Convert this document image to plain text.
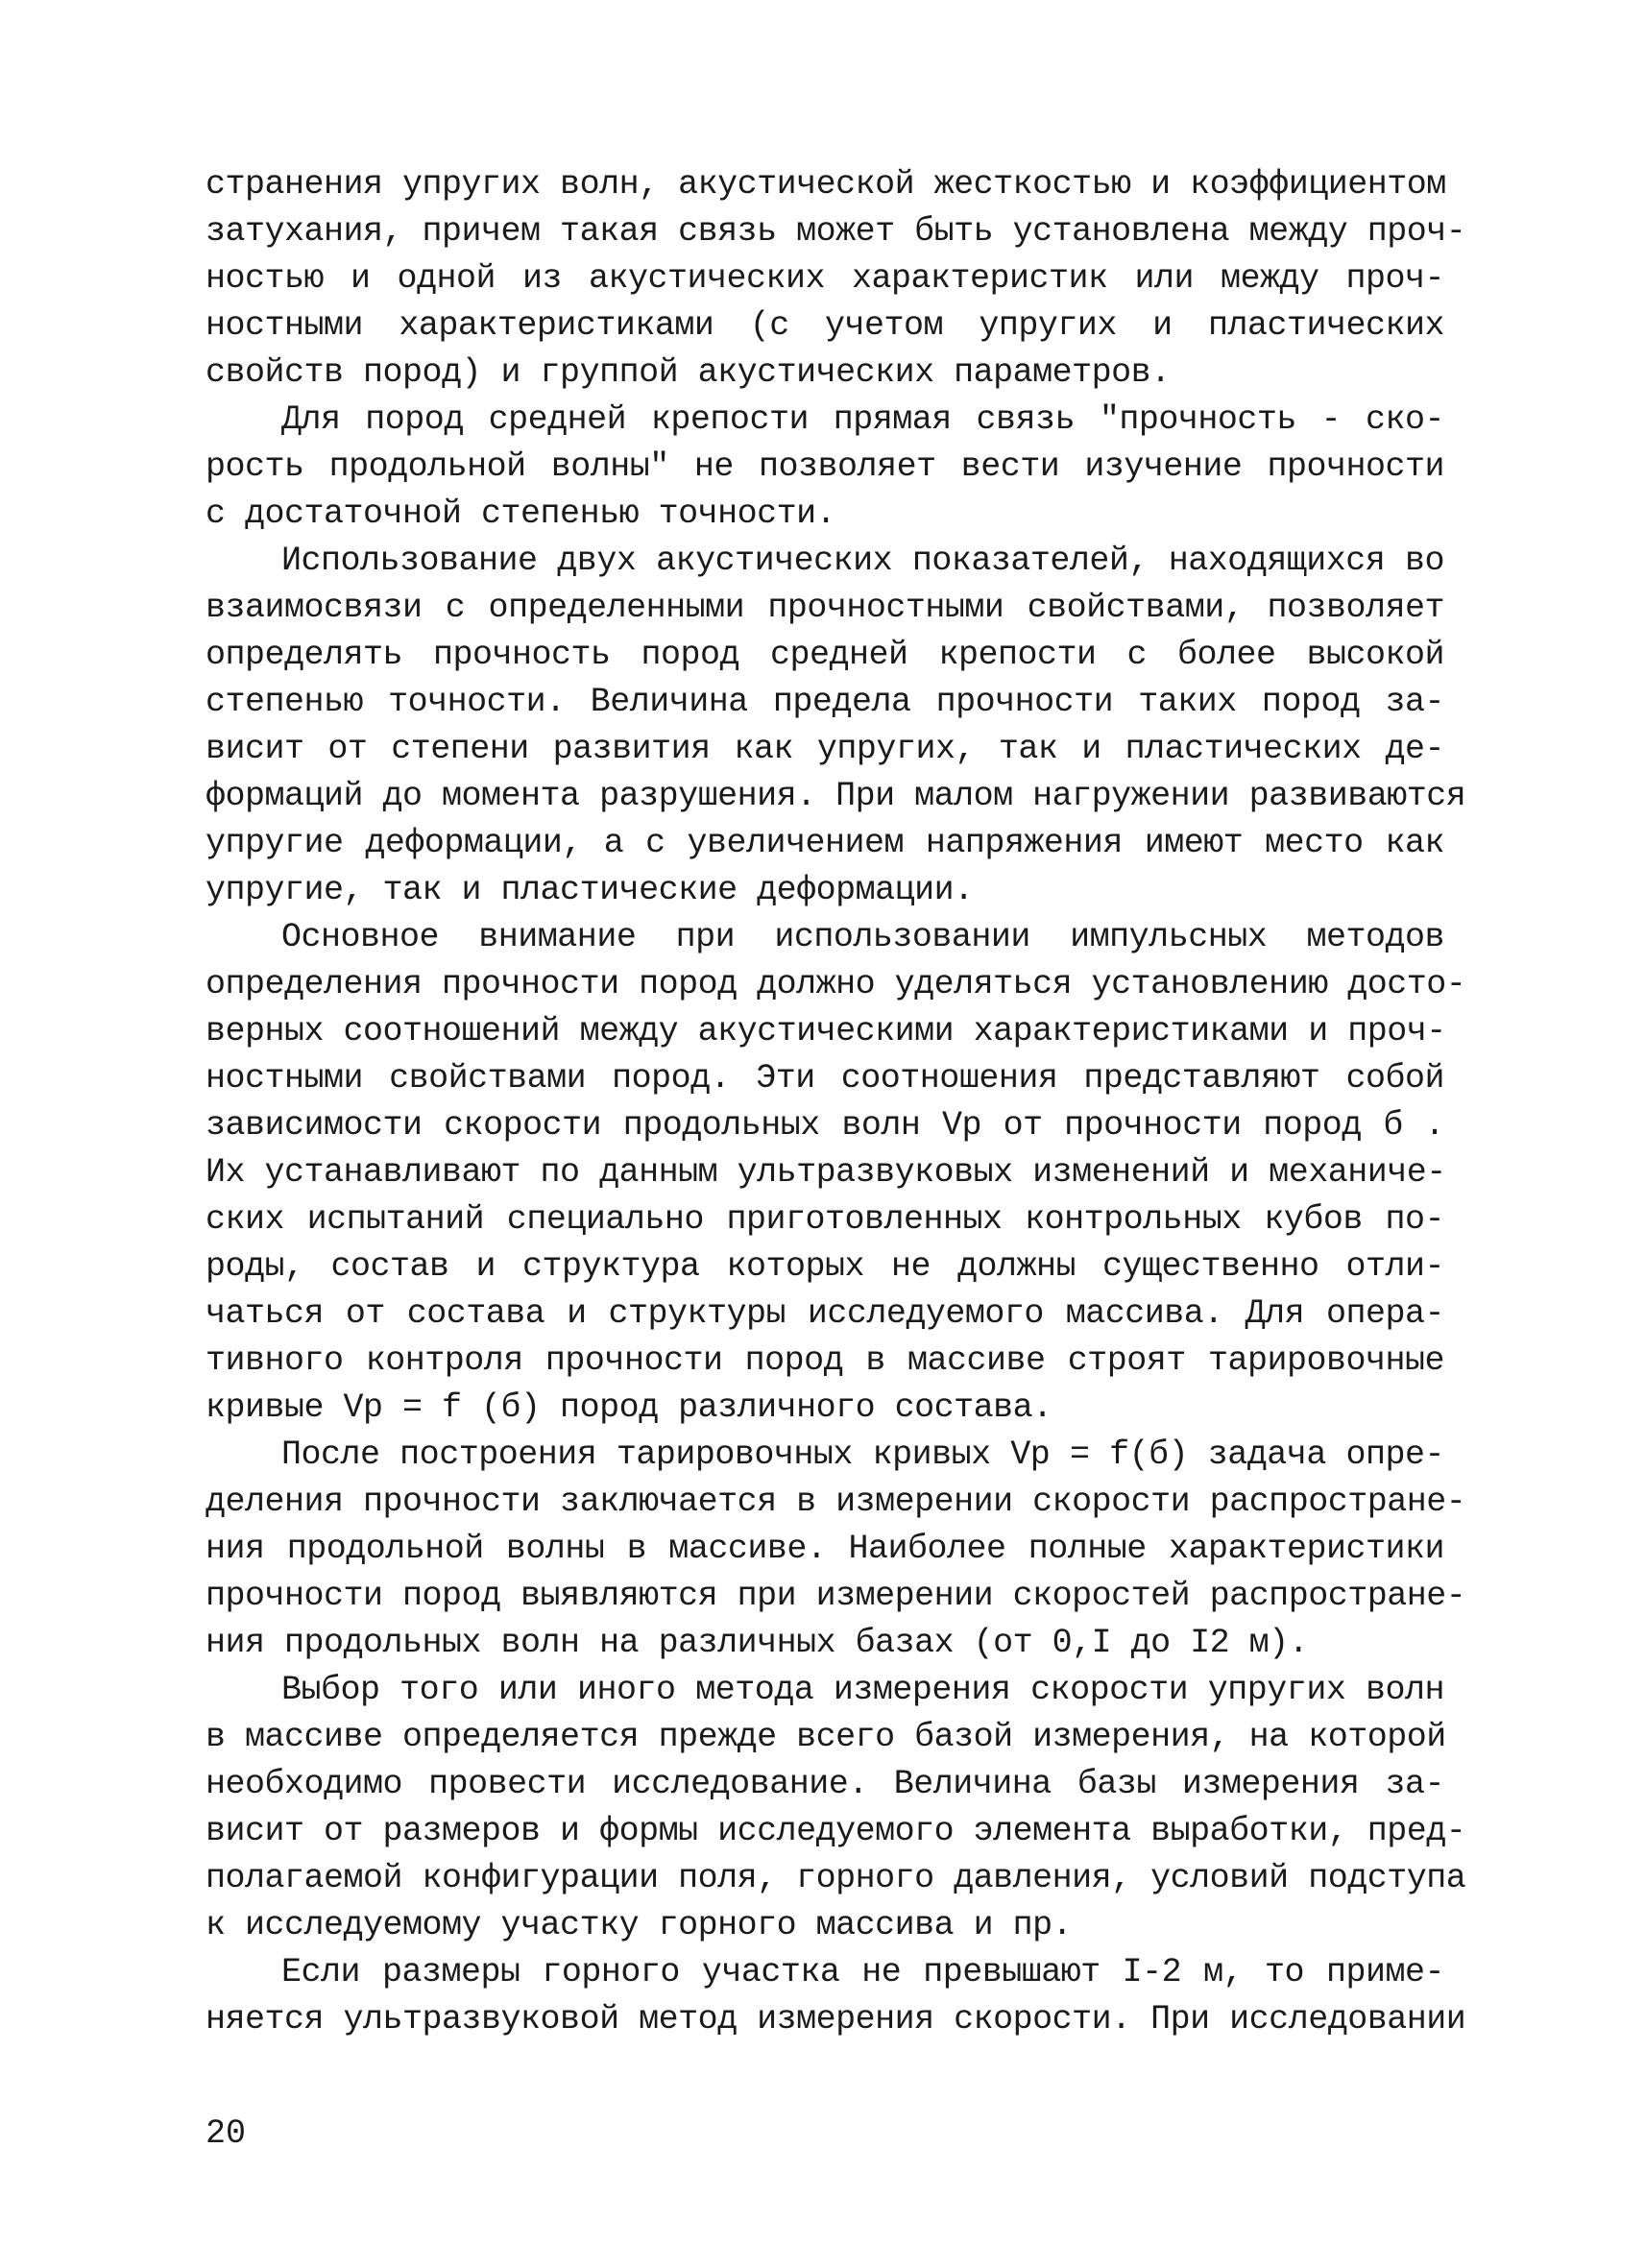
странения упругих волн, акустической жесткостью и коэффициентом
затухания, причем такая связь может быть установлена между проч-
ностью и одной из акустических характеристик или между проч-
ностными характеристиками (с учетом упругих и пластических
свойств пород) и группой акустических параметров.
Для пород средней крепости прямая связь "прочность - ско-
рость продольной волны" не позволяет вести изучение прочности
с достаточной степенью точности.
Использование двух акустических показателей, находящихся во
взаимосвязи с определенными прочностными свойствами, позволяет
определять прочность пород средней крепости с более высокой
степенью точности. Величина предела прочности таких пород за-
висит от степени развития как упругих, так и пластических де-
формаций до момента разрушения. При малом нагружении развиваются
упругие деформации, а с увеличением напряжения имеют место как
упругие, так и пластические деформации.
Основное внимание при использовании импульсных методов
определения прочности пород должно уделяться установлению досто-
верных соотношений между акустическими характеристиками и проч-
ностными свойствами пород. Эти соотношения представляют собой
зависимости скорости продольных волн Vp от прочности пород б .
Их устанавливают по данным ультразвуковых изменений и механиче-
ских испытаний специально приготовленных контрольных кубов по-
роды, состав и структура которых не должны существенно отли-
чаться от состава и структуры исследуемого массива. Для опера-
тивного контроля прочности пород в массиве строят тарировочные
кривые Vp = f (б) пород различного состава.
После построения тарировочных кривых Vp = f(б) задача опре-
деления прочности заключается в измерении скорости распростране-
ния продольной волны в массиве. Наиболее полные характеристики
прочности пород выявляются при измерении скоростей распростране-
ния продольных волн на различных базах (от 0,I до I2 м).
Выбор того или иного метода измерения скорости упругих волн
в массиве определяется прежде всего базой измерения, на которой
необходимо провести исследование. Величина базы измерения за-
висит от размеров и формы исследуемого элемента выработки, пред-
полагаемой конфигурации поля, горного давления, условий подступа
к исследуемому участку горного массива и пр.
Если размеры горного участка не превышают I-2 м, то приме-
няется ультразвуковой метод измерения скорости. При исследовании
20
